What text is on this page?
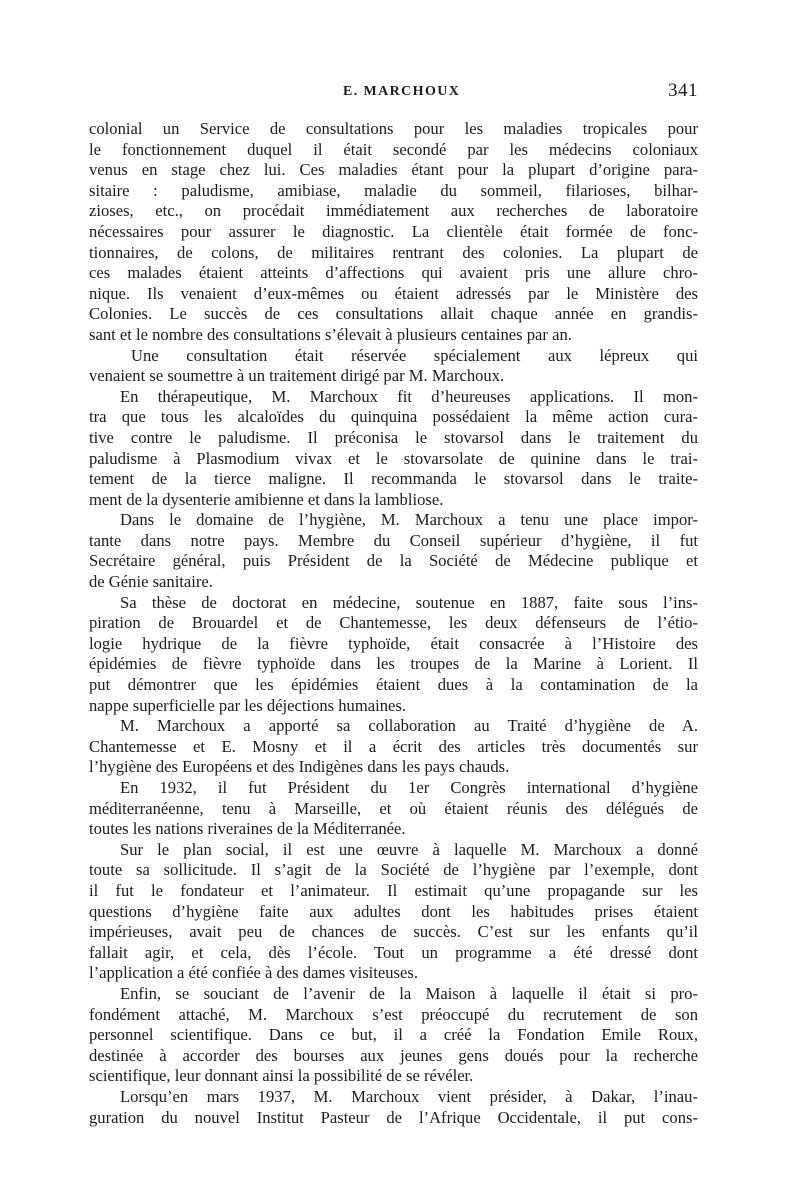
E. MARCHOUX	341
colonial un Service de consultations pour les maladies tropicales pour
le fonctionnement duquel il était secondé par les médecins coloniaux
venus en stage chez lui. Ces maladies étant pour la plupart d’origine para-
sitaire : paludisme, amibiase, maladie du sommeil, filarioses, bilhar-
zioses, etc., on procédait immédiatement aux recherches de laboratoire
nécessaires pour assurer le diagnostic. La clientèle était formée de fonc-
tionnaires, de colons, de militaires rentrant des colonies. La plupart de
ces malades étaient atteints d’affections qui avaient pris une allure chro-
nique. Ils venaient d’eux-mêmes ou étaient adressés par le Ministère des
Colonies. Le succès de ces consultations allait chaque année en grandis-
sant et le nombre des consultations s’élevait à plusieurs centaines par an.
Une consultation était réservée spécialement aux lépreux qui
venaient se soumettre à un traitement dirigé par M. Marchoux.
En thérapeutique, M. Marchoux fit d’heureuses applications. Il mon-
tra que tous les alcaloïdes du quinquina possédaient la même action cura-
tive contre le paludisme. Il préconisa le stovarsol dans le traitement du
paludisme à Plasmodium vivax et le stovarsolate de quinine dans le trai-
tement de la tierce maligne. Il recommanda le stovarsol dans le traite-
ment de la dysenterie amibienne et dans la lambliose.
Dans le domaine de l’hygiène, M. Marchoux a tenu une place impor-
tante dans notre pays. Membre du Conseil supérieur d’hygiène, il fut
Secrétaire général, puis Président de la Société de Médecine publique et
de Génie sanitaire.
Sa thèse de doctorat en médecine, soutenue en 1887, faite sous l’ins-
piration de Brouardel et de Chantemesse, les deux défenseurs de l’étio-
logie hydrique de la fièvre typhoïde, était consacrée à l’Histoire des
épidémies de fièvre typhoïde dans les troupes de la Marine à Lorient. Il
put démontrer que les épidémies étaient dues à la contamination de la
nappe superficielle par les déjections humaines.
M. Marchoux a apporté sa collaboration au Traité d’hygiène de A.
Chantemesse et E. Mosny et il a écrit des articles très documentés sur
l’hygiène des Européens et des Indigènes dans les pays chauds.
En 1932, il fut Président du 1er Congrès international d’hygiène
méditerranéenne, tenu à Marseille, et où étaient réunis des délégués de
toutes les nations riveraines de la Méditerranée.
Sur le plan social, il est une œuvre à laquelle M. Marchoux a donné
toute sa sollicitude. Il s’agit de la Société de l’hygiène par l’exemple, dont
il fut le fondateur et l’animateur. Il estimait qu’une propagande sur les
questions d’hygiène faite aux adultes dont les habitudes prises étaient
impérieuses, avait peu de chances de succès. C’est sur les enfants qu’il
fallait agir, et cela, dès l’école. Tout un programme a été dressé dont
l’application a été confiée à des dames visiteuses.
Enfin, se souciant de l’avenir de la Maison à laquelle il était si pro-
fondément attaché, M. Marchoux s’est préoccupé du recrutement de son
personnel scientifique. Dans ce but, il a créé la Fondation Emile Roux,
destinée à accorder des bourses aux jeunes gens doués pour la recherche
scientifique, leur donnant ainsi la possibilité de se révéler.
Lorsqu’en mars 1937, M. Marchoux vient présider, à Dakar, l’inau-
guration du nouvel Institut Pasteur de l’Afrique Occidentale, il put cons-
